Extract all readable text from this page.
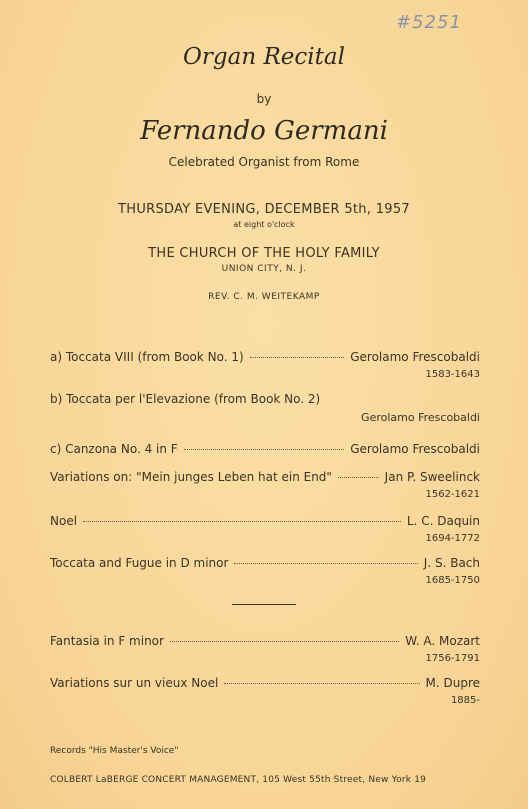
#5251
Organ Recital
by
Fernando Germani
Celebrated Organist from Rome
THURSDAY EVENING, DECEMBER 5th, 1957
at eight o'clock
THE CHURCH OF THE HOLY FAMILY
UNION CITY, N. J.
REV. C. M. WEITEKAMP
a) Toccata VIII (from Book No. 1)	Gerolamo Frescobaldi
1583-1643
b) Toccata per l'Elevazione (from Book No. 2)
Gerolamo Frescobaldi
c) Canzona No. 4 in F	Gerolamo Frescobaldi
Variations on: "Mein junges Leben hat ein End"	Jan P. Sweelinck
1562-1621
Noel	L. C. Daquin
1694-1772
Toccata and Fugue in D minor	J. S. Bach
1685-1750
Fantasia in F minor	W. A. Mozart
1756-1791
Variations sur un vieux Noel	M. Dupre
1885-
Records "His Master's Voice"
COLBERT LaBERGE CONCERT MANAGEMENT, 105 West 55th Street, New York 19
